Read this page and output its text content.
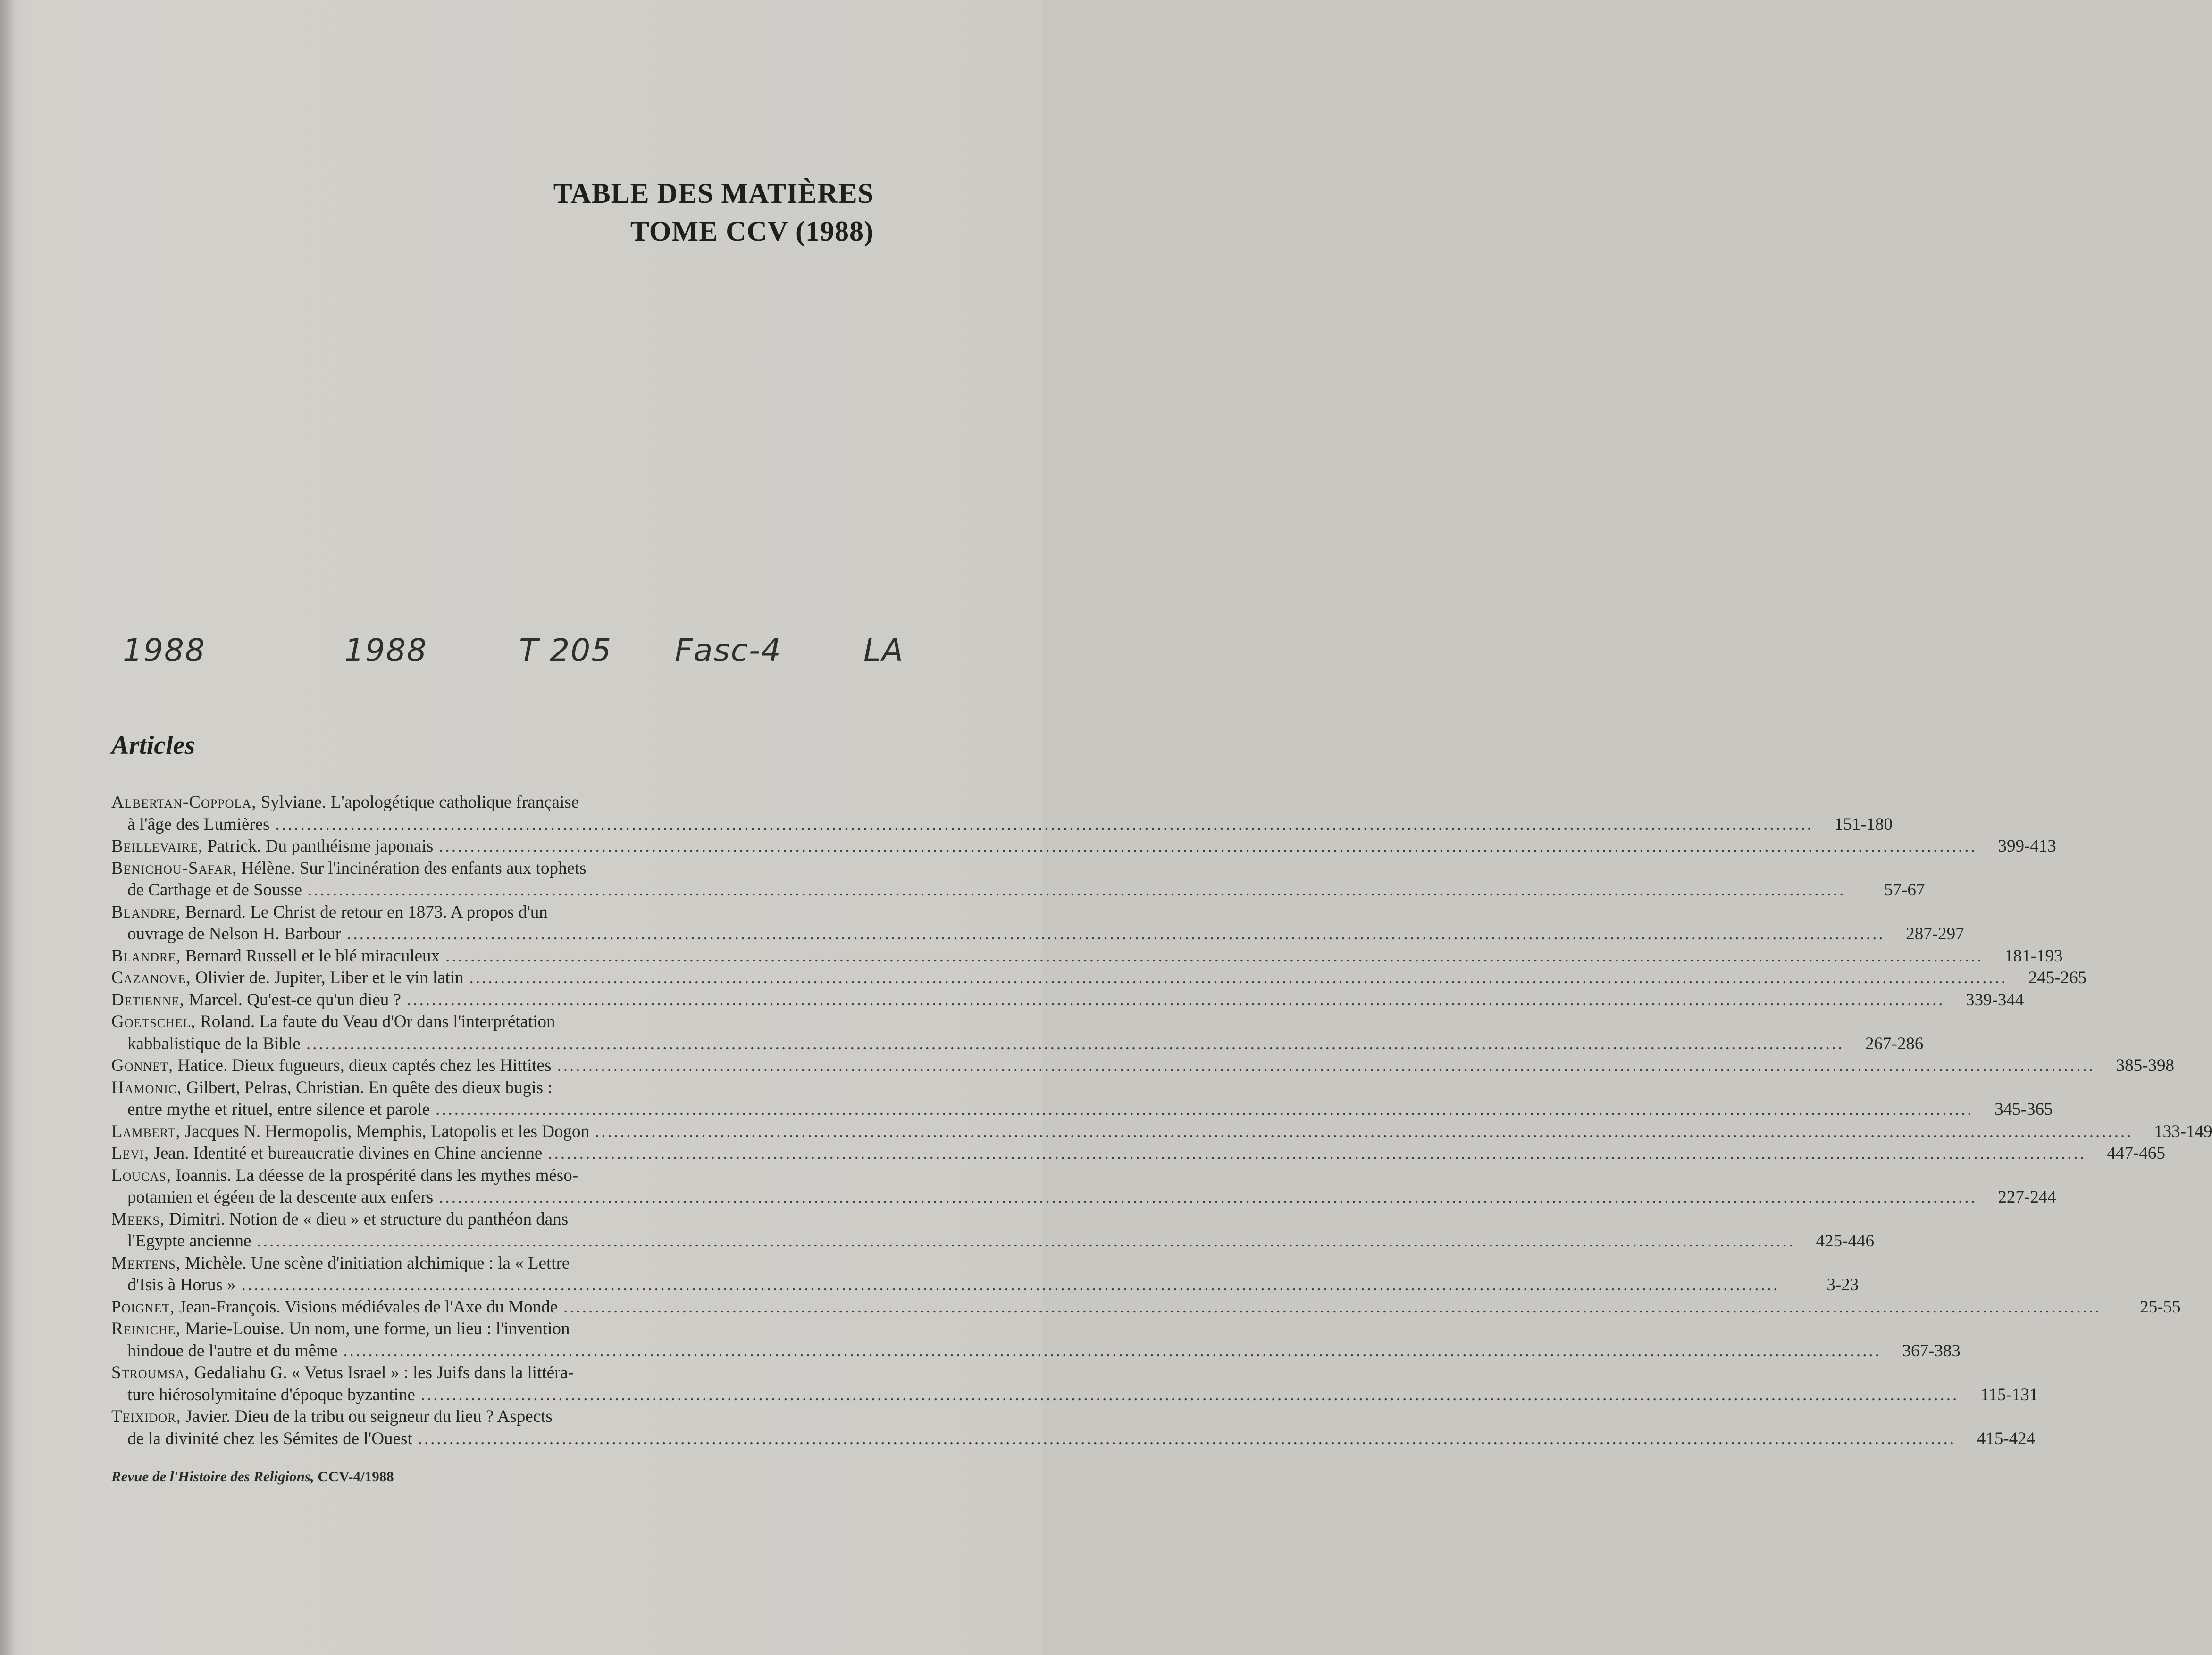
TABLE DES MATIÈRES
TOME CCV (1988)
1988	1988	T 205 Fasc-4	LA
Articles
Albertan-Coppola, Sylviane. L'apologétique catholique française
à l'âge des Lumières .....	151-180
Beillevaire, Patrick. Du panthéisme japonais .....	399-413
Benichou-Safar, Hélène. Sur l'incinération des enfants aux tophets
de Carthage et de Sousse .....	57-67
Blandre, Bernard. Le Christ de retour en 1873. A propos d'un
ouvrage de Nelson H. Barbour .....	287-297
Blandre, Bernard Russell et le blé miraculeux .....	181-193
Cazanove, Olivier de. Jupiter, Liber et le vin latin .....	245-265
Detienne, Marcel. Qu'est-ce qu'un dieu ? .....	339-344
Goetschel, Roland. La faute du Veau d'Or dans l'interprétation
kabbalistique de la Bible .....	267-286
Gonnet, Hatice. Dieux fugueurs, dieux captés chez les Hittites .....	385-398
Hamonic, Gilbert, Pelras, Christian. En quête des dieux bugis :
entre mythe et rituel, entre silence et parole .....	345-365
Lambert, Jacques N. Hermopolis, Memphis, Latopolis et les Dogon .....	133-149
Levi, Jean. Identité et bureaucratie divines en Chine ancienne .....	447-465
Loucas, Ioannis. La déesse de la prospérité dans les mythes méso-
potamien et égéen de la descente aux enfers .....	227-244
Meeks, Dimitri. Notion de « dieu » et structure du panthéon dans
l'Egypte ancienne .....	425-446
Mertens, Michèle. Une scène d'initiation alchimique : la « Lettre
d'Isis à Horus » .....	3-23
Poignet, Jean-François. Visions médiévales de l'Axe du Monde .....	25-55
Reiniche, Marie-Louise. Un nom, une forme, un lieu : l'invention
hindoue de l'autre et du même .....	367-383
Stroumsa, Gedaliahu G. « Vetus Israel » : les Juifs dans la littéra-
ture hiérosolymitaine d'époque byzantine .....	115-131
Teixidor, Javier. Dieu de la tribu ou seigneur du lieu ? Aspects
de la divinité chez les Sémites de l'Ouest .....	415-424
Revue de l'Histoire des Religions, CCV-4/1988
